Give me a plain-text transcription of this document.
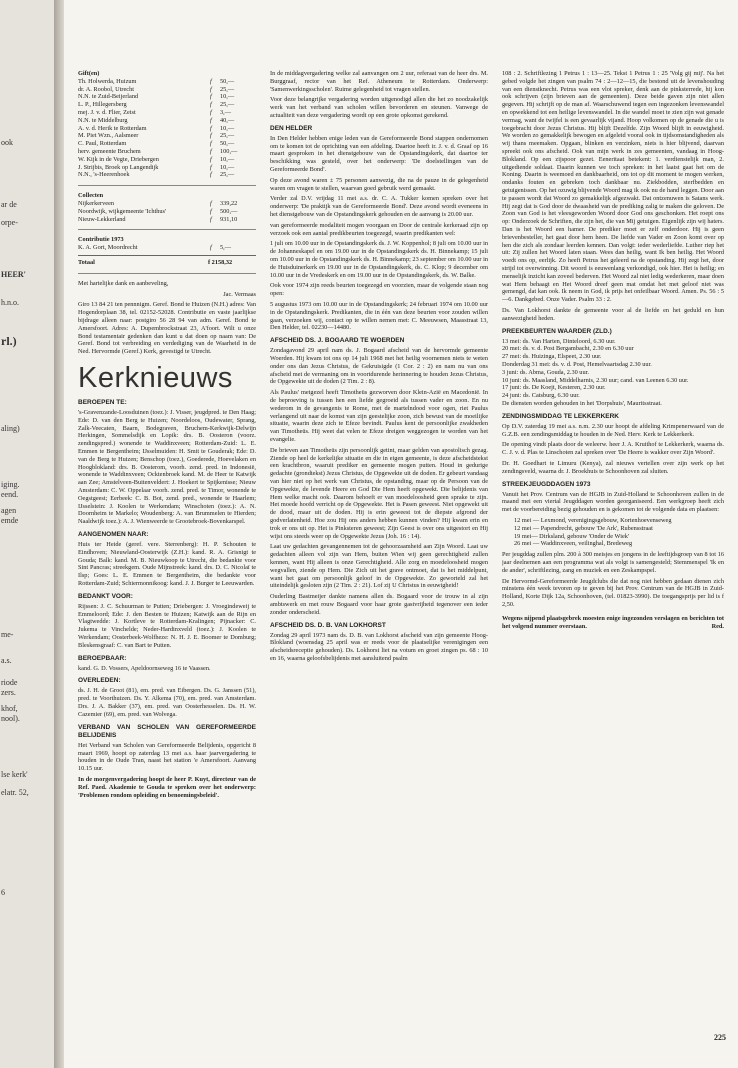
ook
ar de
orpe-
HEER'
h.n.o.
rl.)
aling)
iging.
eend.
agen
emde
me-
a.s.
riode
zers.
khof,
nool).
lse kerk'
elatr. 52,
6
Gift(en)
Th. Holwerda, Huizum	f	50,—
dr. A. Roobol, Utrecht	f	25,—
N.N. te Zuid-Beijerland	f	10,—
L. P., Hillegersberg	f	25,—
mej. J. v. d. Flier, Zeist	f	3,—
N.N. te Middelburg	f	40,—
A. v. d. Herik te Rotterdam	f	10,—
M. Piet Wzn., Aalsmeer	f	25,—
C. Paul, Rotterdam	f	50,—
herv. gemeente Bruchem	f	100,—
W. Kijk in de Vegte, Driebergen	f	10,—
J. Strijbis, Broek op Langendijk	f	10,—
N.N., 's-Heerenhoek	f	25,—
Collecten
Nijkerkerveen	f	339,22
Noordwijk, wijkgemeente 'Ichthus'	f	500,—
Nieuw-Lekkerland	f	931,10
Contributie 1973
K. A. Gort, Moordrecht	f	5,—
Totaal	f 2158,32

Met hartelijke dank en aanbeveling,

Jac. Vermaas

Giro 13 84 21 ten pennnigm. Geref. Bond te Huizen (N.H.) adres: Van Hogendorplaan 38, tel. 02152-52028. Contributie en vaste jaarlijkse bijdrage alleen naar: postgiro 56 28 94 van adm. Geref. Bond te Amersfoort. Adres: A. Dupembrockstraat 23, A'foort. Wilt u onze Bond testamentair gedenken dan kunt u dat doen op naam van: De Geref. Bond tot verbreiding en verdediging van de Waarheid in de Ned. Hervormde (Geref.) Kerk, gevestigd te Utrecht.

Kerknieuws
BEROEPEN TE:

's-Gravenzande-Loosduinen (toez.): J. Visser, jeugdpred. te Den Haag; Ede: D. van den Berg te Huizen; Noordeloos, Oudewater, Sprang, Zalk-Veecaten, Baarn, Bodegraven, Bruchem-Kerkwijk-Delwijn Herkingen, Sommelsdijk en Lopik: drs. B. Oosteron (voorz. zendingspred.) wonende te Waddinxveen; Rotterdam-Zuid: L. E. Emmen te Bergentheim; IJsselmuiden: H. Smit te Gouderak; Ede: D. van de Berg te Huizen; Benschop (toez.), Goederede, Hoevelaken en Hoogblokland: drs. B. Oosterom, voorh. zend. pred. in Indonesië, wonende te Waddinxveen; Ocktenbroek kand. M. de Heer te Katwijk aan Zee; Amstelveen-Buitenveldert: J. Hoekert te Spijkenisse; Nieuw Amsterdam: C. W. Oppelaar voorh. zend. pred. te Timor, wonende te Oegstgeest; Eerbeek: C. B. Bot, zend. pred., wonende te Haarlem; IJsselstein: J. Koolen te Werkendam; Winschoten (toez.): A. N. Doornheim te Markelo; Woudenberg: A. van Brummelen te Hierden; Naaldwijk toez.): A. J. Wienweerde te Grootebroek-Bovenkarspel.

AANGENOMEN NAAR:

Huis ter Heide (geref. vere. Sterrenberg): H. P. Schouten te Eindhoven; Nieuwland-Oosterwijk (Z.H.): kand. R. A. Grisnigt te Gouda; Balk: kand. M. B. Nieuwkoop te Utrecht, die bedankte voor Sint Pancras; streekgem. Oude Mijnstreek: kand. drs. D. C. Nicolaï te Ilsp; Goes: L. E. Emmen te Bergentheim, die bedankte voor Rotterdam-Zuid; Schiermonnikoog: kand. J. J. Burger te Leeuwarden.

BEDANKT VOOR:

Rijssen: J. C. Schuurman te Putten; Driebergen: J. Vroegindeweij te Emmeloord; Ede: J. den Besten te Huizen; Katwijk aan de Rijn en Vlagtwedde: J. Kortleve te Rotterdam-Kralingen; Pijnacker: C. Jukema te Vinchelde; Neder-Hardinxveld (toez.): J. Koolen te Werkendam; Oosterbeek-Wolfheze: N. H. J. E. Boomer te Domburg; Bleskensgraaf: C. van Bart te Putten.

BEROEPBAAR:

kand. G. D. Vossers, Apeldoornseweg 16 te Vaassen.

OVERLEDEN:

ds. J. H. de Groot (81), em. pred. van Eibergen. Ds. G. Janssen (51), pred. te Voorthuizen. Ds. Y. Alkema (70), em. pred. van Amsterdam. Drs. J. A. Bakker (37), em. pred. van Oosterhesselen. Ds. H. W. Cazemier (69), em. pred. van Wolvega.

VERBAND VAN SCHOLEN VAN GEREFORMEERDE BELIJDENIS

Het Verband van Scholen van Gereformeerde Belijdenis, opgericht 8 maart 1969, hoopt op zaterdag 13 mei a.s. haar jaarvergadering te houden in de Oude Tran, naast het station 'e Amersfoort. Aanvang 10.15 uur.

In de morgenvergadering hoopt de heer P. Kuyt, directeur van de Ref. Paed. Akademie te Gouda te spreken over het onderwerp: 'Problemen rondom opleiding en benoemingsbeleid'.

In de middagvergadering welke zal aanvangen om 2 uur, referaat van de heer drs. M. Burggraaf, rector van het Ref. Atheneum te Rotterdam. Onderwerp: 'Samenwerkingsscholen'. Ruime gelegenheid tot vragen stellen.

Voor deze belangrijke vergadering worden uitgenodigd allen die het zo noodzakelijk werk van het verband van scholen willen bevorderen en steunen. Vanwege de actualiteit van deze vergadering wordt op een grote opkomst gerekend.

DEN HELDER

In Den Helder hebben enige leden van de Gereformeerde Bond stappen ondernomen om te komen tot de oprichting van een afdeling. Daartoe heeft ir. J. v. d. Graaf op 16 maart gesproken in het dienstgebouw van de Opstandingskerk, dat daartoe ter beschikking was gesteld, over het onderwerp: 'De doelstellingen van de Gereformeerde Bond'.

Op deze avond waren ± 75 personen aanwezig, die na de pauze in de gelegenheid waren om vragen te stellen, waarvan goed gebruik werd gemaakt.

Verder zal D.V. vrijdag 11 mei a.s. dr. C. A. Tukker komen spreken over het onderwerp: 'De praktijk van de Gereformeerde Bond'. Deze avond wordt eveneens in het dienstgebouw van de Opstandingskerk gehouden en de aanvang is 20.00 uur.

van gereformeerde modaliteit mogen voorgaan en Door de centrale kerkeraad zijn op verzoek ook een aantal predikbeurten toegezegd, waarin predikanten wel:

1 juli om 10.00 uur in de Opstandingskerk ds. J. W. Koppenhol; 8 juli om 10.00 uur in de Johanneskapel en om 19.00 uur in de Opstandingskerk ds. H. Binnekamp; 15 juli om 10.00 uur in de Opstandingskerk ds. H. Binnekamp; 23 september om 10.00 uur in de Huisduinerkerk en 19.00 uur in de Opstandingskerk, ds. C. Klop; 9 december om 10.00 uur in de Vredeskerk en om 19.00 uur in de Opstandingskerk, ds. W. Balke.

Ook voor 1974 zijn reeds beurten toegezegd en voorzien, maar de volgende staan nog open:

5 augustus 1973 om 10.00 uur in de Opstandingskerk; 24 februari 1974 om 10.00 uur in de Opstandingskerk. Predikanten, die in één van deze beurten voor zouden willen gaan, verzoeken wij, contact op te willen nemen met: C. Meeuwsen, Maasstraat 13, Den Helder, tel. 02230—14480.

AFSCHEID DS. J. BOGAARD TE WOERDEN

Zondagavond 29 april nam ds. J. Bogaard afscheid van de hervormde gemeente Woerden. Hij kwam tot ons op 14 juli 1968 met het heilig voornemen niets te weten onder ons dan Jezus Christus, de Gekruisigde (1 Cor. 2 : 2) en nam nu van ons afscheid met de vermaning om in voortdurende herinnering te houden Jezus Christus, de Opgewekte uit de doden (2 Tim. 2 : 8).

Als Paulus' metgezel heeft Timotheüs gezworven door Klein-Azië en Macedonië. In de beproeving is tussen hen een liefde gegroeid als tussen vader en zoon. En nu wederom in de gevangenis te Rome, met de martelndood voor ogen, riet Paulus verlangend uit naar de komst van zijn geestelijke zoon, zich bewust van de moeilijke situatie, waarin deze zich te Efeze bevindt. Paulus kent de persoonlijke zwakheden van Timotheüs. Hij weet dat velen te Efeze dreigen weggezogen te worden van het evangelie.

De brieven aan Timotheüs zijn persoonlijk getint, maar gelden van apostolisch gezag. Ziende op heel de kerkelijke situatie en die in eigen gemeente, is deze afscheidstekst een krachtbron, waaruit prediker en gemeente mogen putten. Houd in gedurige gedachte (grondtekst) Jezus Christus, de Opgewekte uit de doden. Er gebeurt vandaag van hier niet op het werk van Christus, de opstanding, maar op de Persoon van de Opgewekte, de levende Heere en God Die Hem heeft opgewekt. Die belijdenis van Hem welke macht ook. Daarom behoeft er van moedeloosheid geen sprake te zijn. Het moede hoofd verricht op de Opgewekte. Het is Pasen geweest. Niet opgewekt uit de dood, maar uit de doden. Hij is erin geweest tot de diepste afgrond der godverlatenheid. Hoe zou Hij ons anders hebben kunnen vinden? Hij kwam erin en trok er ons uit op. Het is Pinksteren geweest; Zijn Geest is over ons uitgestort en Hij wijst ons steeds weer op de Opgewekte Jezus (Joh. 16 : 14).

Laat uw gedachten gevangennemen tot de gehoorzaamheid aan Zijn Woord. Laat uw gedachten alleen vol zijn van Hem, buiten Wien wij geen gerechtigheid zullen kennen, want Hij alleen is onze Gerechtigheid. Alle zorg en moedeloosheid mogen wegvallen, ziende op Hem. Die Zich uit het grave ontmoet, dat is het middelpunt, want het gaat om persoonlijk geloof in de Opgewekte. Zo geworteld zal het uiteindelijk gesloten zijn (2 Tim. 2 : 21). Lof zij U Christus in eeuwigheid!

Ouderling Bastmeijer dankte namens allen ds. Bogaard voor de trouw in al zijn ambtswerk en met rouw Bogaard voor haar grote gastvrijheid tegenover een ieder zonder onderscheid.

AFSCHEID DS. D. B. VAN LOKHORST

Zondag 29 april 1973 nam ds. D. B. van Lokhorst afscheid van zijn gemeente Hoog-Blokland (woensdag 25 april was er reeds voor de plaatselijke verenigingen een afscheidsreceptie gehouden). Ds. Lokhorst liet na votum en groet zingen ps. 68 : 10 en 16, waarna geloofsbelijdenis met aansluitend psalm

108 : 2. Schriftlezing 1 Petrus 1 : 13—25. Tekst 1 Petrus 1 : 25 'Volg gij mij'. Na het gebed volgde het zingen van psalm 74 : 2—12—15, die bestond uit de levenshouding van een dienstknecht. Petrus was een vlot spreker, denk aan de pinksterrede, hij kon ook schrijven (zijn brieven aan de gemeenten). Deze beide gaven zijn niet allen gegeven. Hij schrijft op de man af. Waarschuwend tegen een ingezonken levenswandel en opwekkend tot een heilige levenswandel. In die wandel moet te zien zijn wat genade vermag, want de twijfel is een gevaarlijk vijand. Hoop volkomen op de genade die u is toegebracht door Jezus Christus. Hij blijft Dezelfde. Zijn Woord blijft in eeuwigheid. We worden zo gemakkelijk bewogen en afgeleid vooral ook in tijdsomstandigheden als wij thans meemaken. Opgaan, blinken en verzinken, niets is hier blijvend, daarvan spreekt ook ons afscheid. Ook van mijn werk in zes gemeenten, vandaag in Hoog-Blokland. Op een zijspoor gezet. Eeneritaat betekent: 1. verdienstelijk man, 2. uitgediende soldaat. Daarin kunnen we toch spreken: in het laatst gaat het om de Koning. Daarin is weemoed en dankbaarheid, om tot op dit moment te mogen werken, ondanks fouten en gebreken toch dankbaar nu. Ziekbodden, sterfbedden en getuigenissen. Op het ozuwig blijvende Woord mag ik ook nu de hand leggen. Door aan te passen wordt dat Woord zo gemakkelijk afgezwakt. Dat ontzenuwen is Satans werk. Hij zegt dat is God door de dwaasheid van de prediking zalig te maken die geloven. De Zoon van God is het vleesgeworden Woord door God ons geschonken. Het roept ons op: Onderzoek de Schriften, die zijn het, die van Mij getuigen. Eigenlijk zijn wij haters. Dan is het Woord een hamer. De prediker moet er zelf onderdoor. Hij is geen brievenbesteller, het gaat door hem heen. De liefde van Vader en Zoon komt over op hen die zich als zondaar leerden kennen. Dan volgt: ieder wederliefde. Luther riep het uit: Zij zullen het Woord laten staan. Wees dan heilig, want Ik ben heilig. Het Woord voedt ons op, eerlijk. Zo heeft Petrus het geleerd na de opstanding. Hij zegt het, door strijd tot overwinning. Dit woord is eeuwenlang verkondigd, ook hier. Het is heilig; en menselijk inzicht kan zoveel bederven. Het Woord zal niet ledig wederkeren, maar doen wat Hem behaagt en Het Woord dreef geen mat omdat het met geloof niet was gemengd, dat kan ook. Ik neem in God, ik prijs het onfeilbaar Woord. Amen. Ps. 56 : 5—6. Dankgebed. Onze Vader. Psalm 33 : 2.

Ds. Van Lokhorst dankte de gemeente voor al de liefde en het geduld en hun aanwezigheid heden.

PREEKBEURTEN WAARDER (ZLD.)
13 mei: ds. Van Harten, Dinteloord, 6.30 uur.
20 mei: ds. v. d. Post Bergambacht, 2.30 en 6.30 uur
27 mei: ds. Huizinga, Elspeet, 2.30 uur.
Donderdag 31 mei: ds. v. d. Post, Hemelvaartsdag 2.30 uur.
3 juni: ds. Abma, Gouda, 2.30 uur.
10 juni: ds. Maasland, Middelharnis, 2.30 uur; cand. van Leenen 6.30 uur.
17 juni: ds. De Koejt, Kesteren, 2.30 uur.
24 juni: ds. Catsburg, 6.30 uur.
De diensten worden gehouden in het 'Dorpshuis', Mauritsstraat.
ZENDINGSMIDDAG TE LEKKERKERK

Op D.V. zaterdag 19 mei a.s. n.m. 2.30 uur hoopt de afdeling Krimpenerwaard van de G.Z.B. een zendingsmiddag te houden in de Ned. Herv. Kerk te Lekkerkerk.

De opening vindt plaats door de weleerw. heer J. A. Kruithof te Lekkerkerk, waarna ds. C. J. v. d. Plas te Linschoten zal spreken over 'De Heere is wakker over Zijn Woord'.

Dr. H. Goedhart te Limuru (Kenya), zal nieuws vertellen over zijn werk op het zendingsveld, waarna dr. J. Broekhuis te Schoonhoven zal sluiten.

STREEKJEUGDDAGEN 1973

Vanuit het Prov. Centrum van de HGJB in Zuid-Holland te Schoonhoven zullen in de maand mei een viertal Jeugddagen worden georganiseerd. Een werkgroep heeft zich met de voorbereiding bezig gehouden en is gekomen tot de volgende data en plaatsen:

12 mei — Lexmond, verenigingsgebouw, Kortenhoevenseweg
12 mei — Papendrecht, gebouw 'De Ark', Rubensstraat
19 mei— Dirksland, gebouw 'Onder de Wiek'
26 mei — Waddinxveen, veilinghal, Bredeweg

Per jeugddag zullen plm. 200 à 300 meisjes en jongens in de leeftijdsgroep van 8 tot 16 jaar deelnemen aan een programma wat als volgt is samengesteld; Stemmenspel 'Ik en de ander', schriftlezing, zang en muziek en een Zeskampspel.

De Hervormd-Gereformeerde Jeugdclubs die dat nog niet hebben gedaan dienen zich minstens één week tevoren op te geven bij het Prov. Centrum van de HGJB in Zuid-Holland, Korte Dijk 12a, Schoonhoven, (tel. 01823-3990). De toegangsprijs per lid is f 2,50.

Wegens nijpend plaatsgebrek moesten enige ingezonden verslagen en berichten tot het volgend nummer overstaan.	Red.

225
